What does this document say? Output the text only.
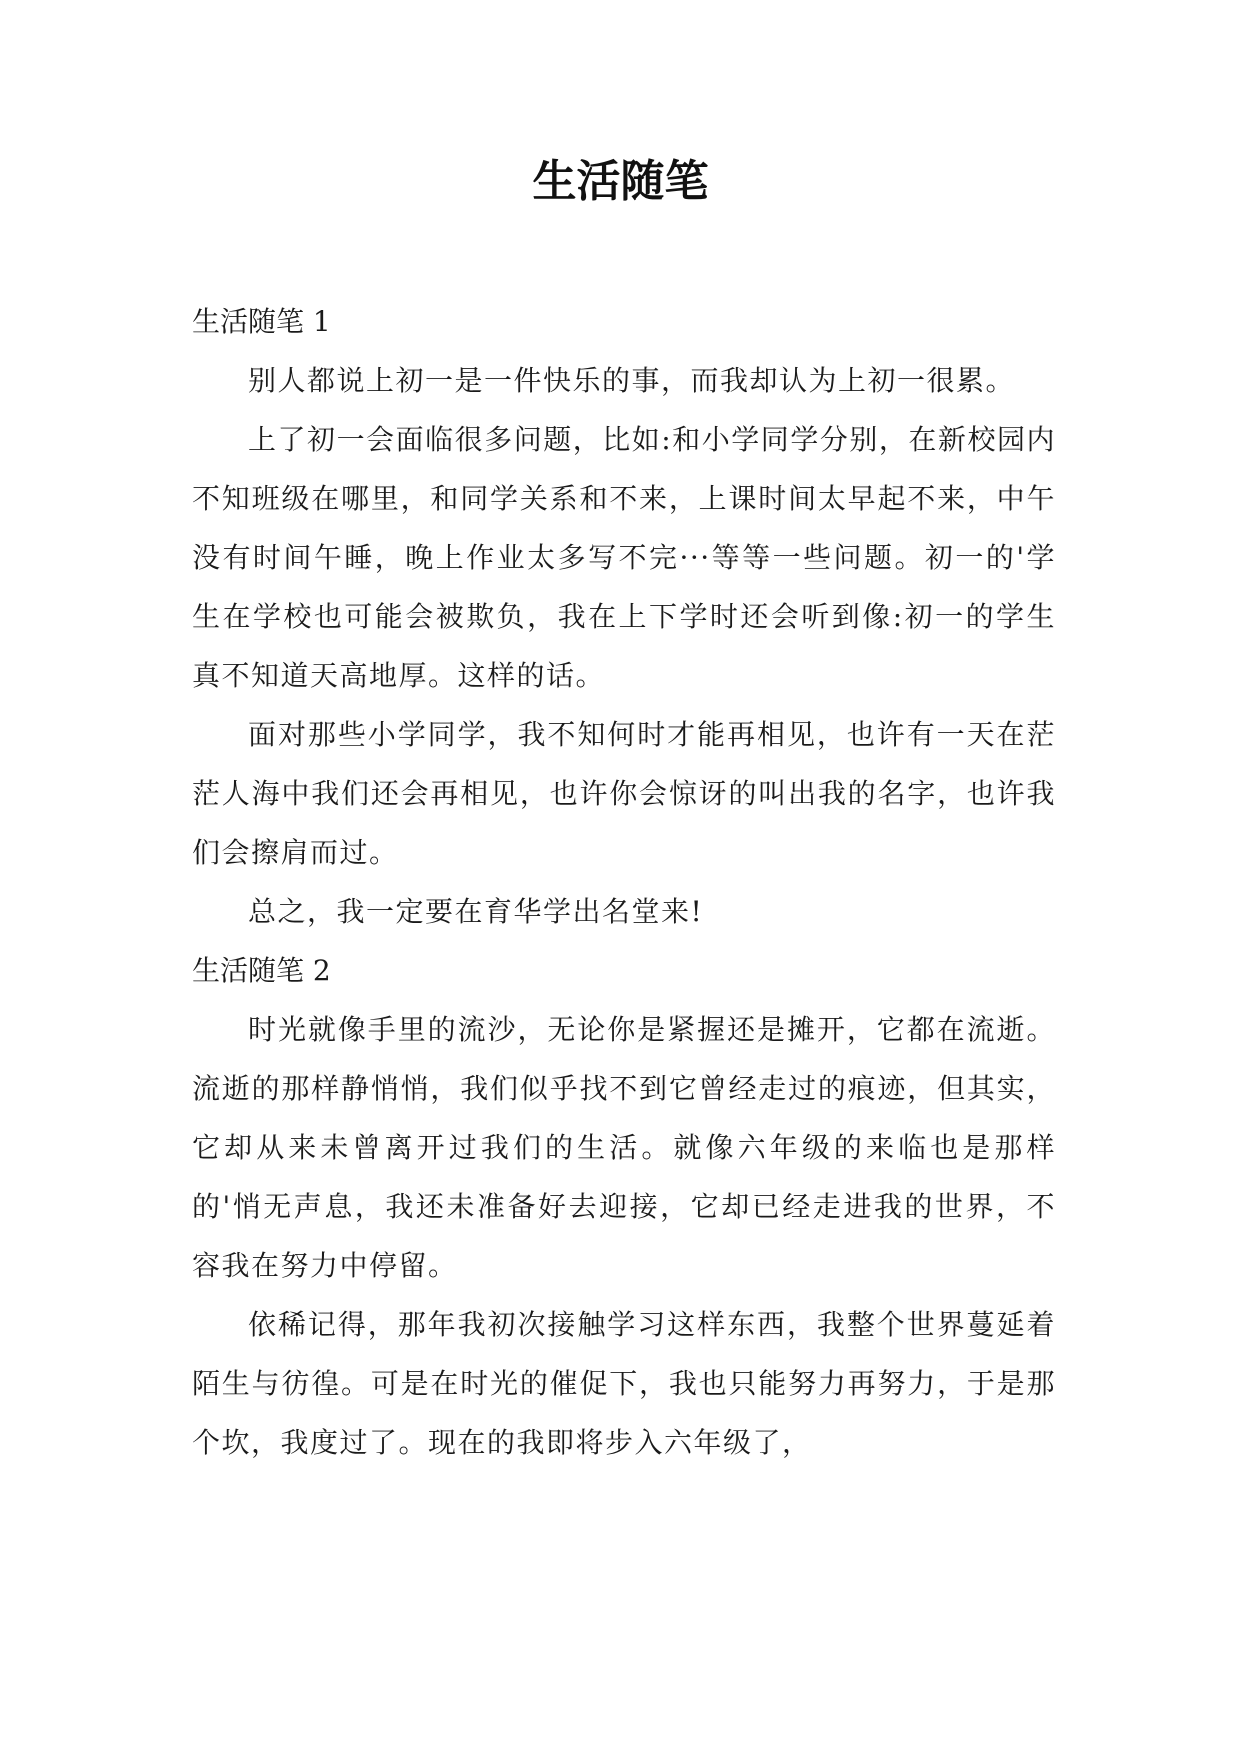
生活随笔
生活随笔 1

别人都说上初一是一件快乐的事，而我却认为上初一很累。

上了初一会面临很多问题，比如:和小学同学分别，在新校园内不知班级在哪里，和同学关系和不来，上课时间太早起不来，中午没有时间午睡，晚上作业太多写不完···等等一些问题。初一的'学生在学校也可能会被欺负，我在上下学时还会听到像:初一的学生真不知道天高地厚。这样的话。

面对那些小学同学，我不知何时才能再相见，也许有一天在茫茫人海中我们还会再相见，也许你会惊讶的叫出我的名字，也许我们会擦肩而过。

总之，我一定要在育华学出名堂来!

生活随笔 2

时光就像手里的流沙，无论你是紧握还是摊开，它都在流逝。流逝的那样静悄悄，我们似乎找不到它曾经走过的痕迹，但其实，它却从来未曾离开过我们的生活。就像六年级的来临也是那样的'悄无声息，我还未准备好去迎接，它却已经走进我的世界，不容我在努力中停留。

依稀记得，那年我初次接触学习这样东西，我整个世界蔓延着陌生与彷徨。可是在时光的催促下，我也只能努力再努力，于是那个坎，我度过了。现在的我即将步入六年级了，
